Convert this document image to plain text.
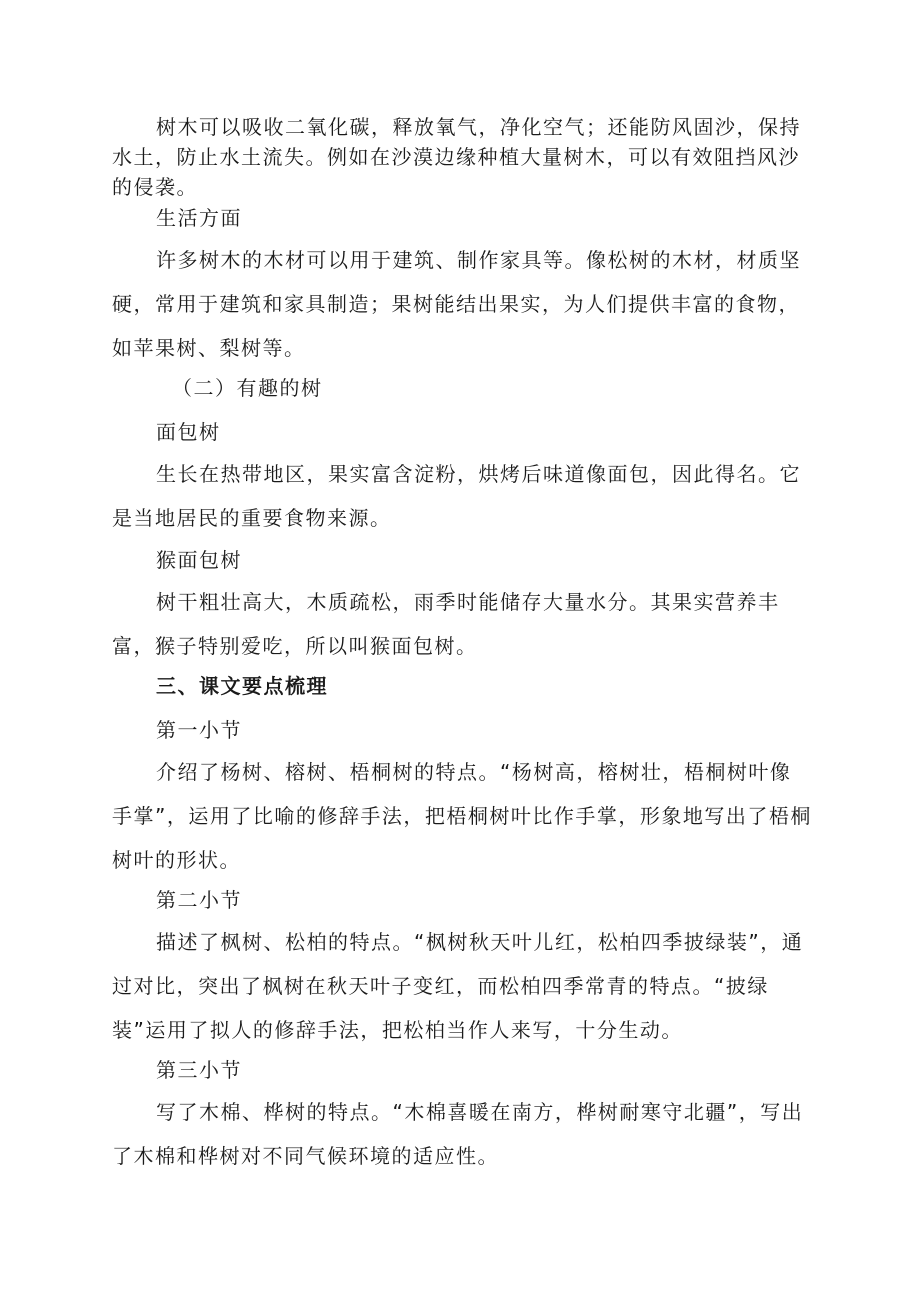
树木可以吸收二氧化碳，释放氧气，净化空气；还能防风固沙，保持水土，防止水土流失。例如在沙漠边缘种植大量树木，可以有效阻挡风沙的侵袭。

生活方面

许多树木的木材可以用于建筑、制作家具等。像松树的木材，材质坚硬，常用于建筑和家具制造；果树能结出果实，为人们提供丰富的食物，如苹果树、梨树等。

（二）有趣的树

面包树

生长在热带地区，果实富含淀粉，烘烤后味道像面包，因此得名。它是当地居民的重要食物来源。

猴面包树

树干粗壮高大，木质疏松，雨季时能储存大量水分。其果实营养丰富，猴子特别爱吃，所以叫猴面包树。

三、课文要点梳理

第一小节

介绍了杨树、榕树、梧桐树的特点。“杨树高，榕树壮，梧桐树叶像手掌”，运用了比喻的修辞手法，把梧桐树叶比作手掌，形象地写出了梧桐树叶的形状。

第二小节

描述了枫树、松柏的特点。“枫树秋天叶儿红，松柏四季披绿装”，通过对比，突出了枫树在秋天叶子变红，而松柏四季常青的特点。“披绿装”运用了拟人的修辞手法，把松柏当作人来写，十分生动。

第三小节

写了木棉、桦树的特点。“木棉喜暖在南方，桦树耐寒守北疆”，写出了木棉和桦树对不同气候环境的适应性。
